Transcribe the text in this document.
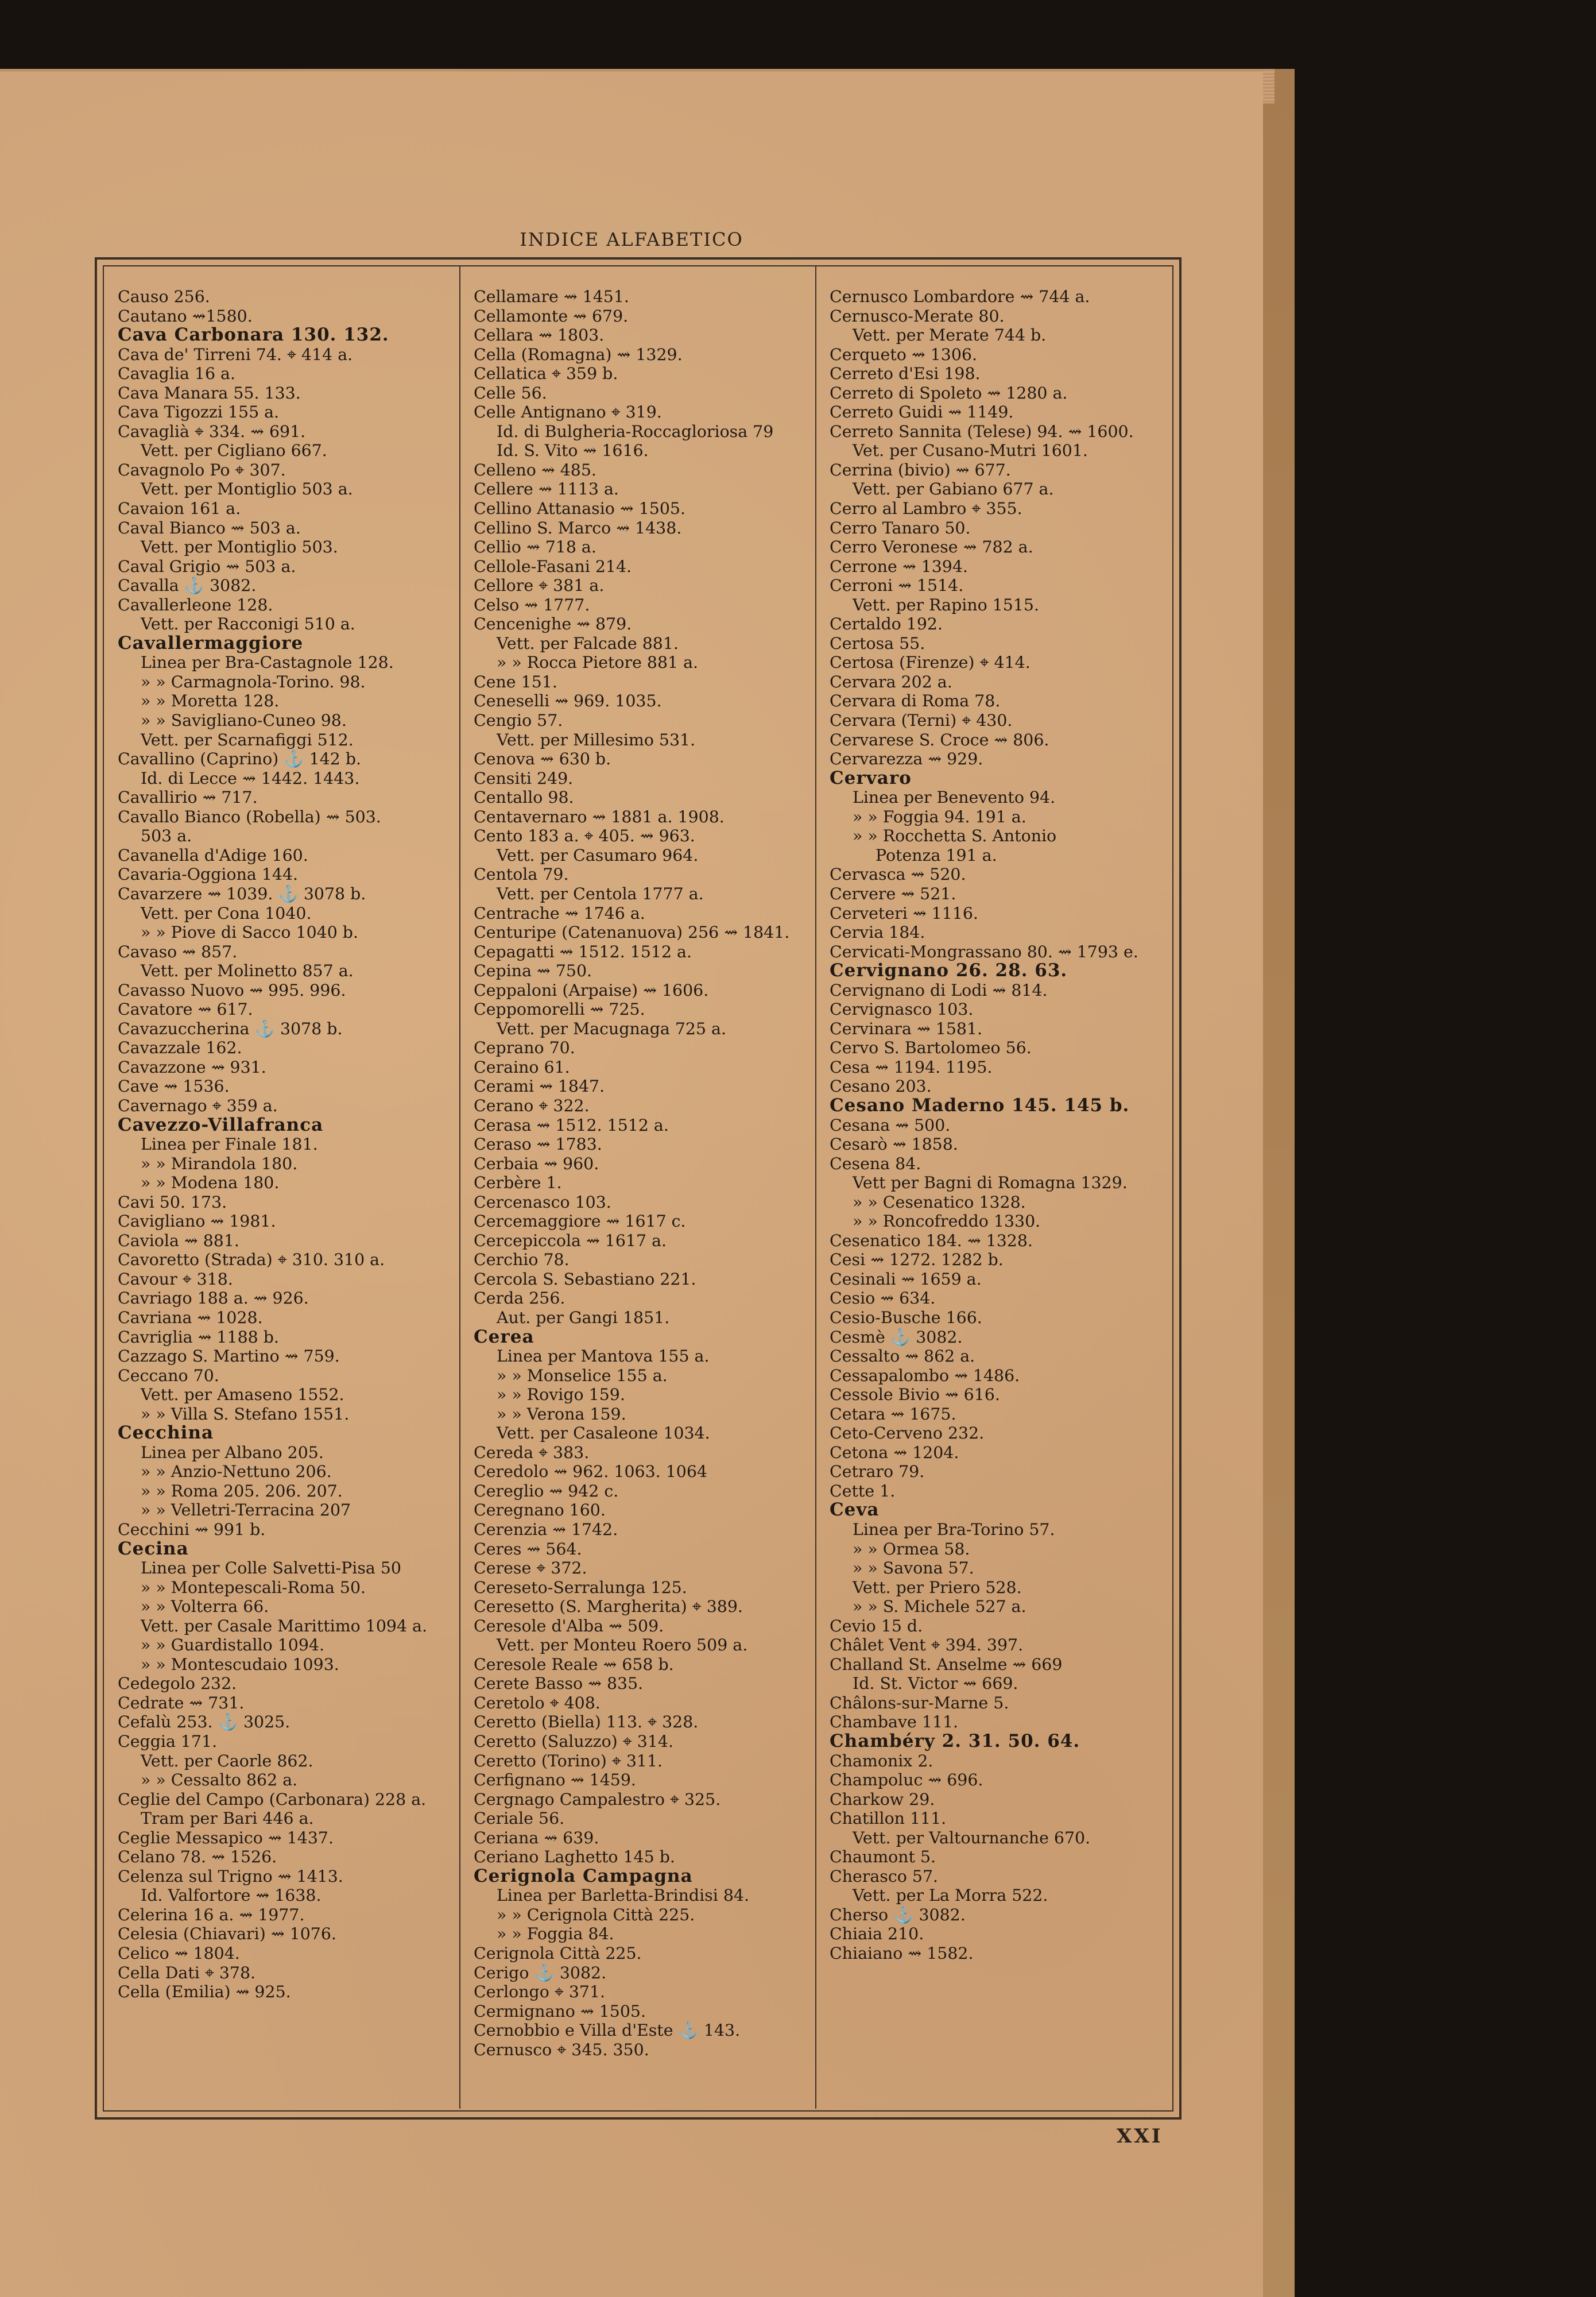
INDICE ALFABETICO
Causo 256.
Cautano ⇝1580.
Cava Carbonara 130. 132.
Cava de' Tirreni 74. ⌖ 414 a.
Cavaglia 16 a.
Cava Manara 55. 133.
Cava Tigozzi 155 a.
Cavaglià ⌖ 334. ⇝ 691.
Vett. per Cigliano 667.
Cavagnolo Po ⌖ 307.
Vett. per Montiglio 503 a.
Cavaion 161 a.
Caval Bianco ⇝ 503 a.
Vett. per Montiglio 503.
Caval Grigio ⇝ 503 a.
Cavalla ⚓ 3082.
Cavallerleone 128.
Vett. per Racconigi 510 a.
Cavallermaggiore
Linea per Bra-Castagnole 128.
» » Carmagnola-Torino. 98.
» » Moretta 128.
» » Savigliano-Cuneo 98.
Vett. per Scarnafiggi 512.
Cavallino (Caprino) ⚓ 142 b.
Id. di Lecce ⇝ 1442. 1443.
Cavallirio ⇝ 717.
Cavallo Bianco (Robella) ⇝ 503.
503 a.
Cavanella d'Adige 160.
Cavaria-Oggiona 144.
Cavarzere ⇝ 1039. ⚓ 3078 b.
Vett. per Cona 1040.
» » Piove di Sacco 1040 b.
Cavaso ⇝ 857.
Vett. per Molinetto 857 a.
Cavasso Nuovo ⇝ 995. 996.
Cavatore ⇝ 617.
Cavazuccherina ⚓ 3078 b.
Cavazzale 162.
Cavazzone ⇝ 931.
Cave ⇝ 1536.
Cavernago ⌖ 359 a.
Cavezzo-Villafranca
Linea per Finale 181.
» » Mirandola 180.
» » Modena 180.
Cavi 50. 173.
Cavigliano ⇝ 1981.
Caviola ⇝ 881.
Cavoretto (Strada) ⌖ 310. 310 a.
Cavour ⌖ 318.
Cavriago 188 a. ⇝ 926.
Cavriana ⇝ 1028.
Cavriglia ⇝ 1188 b.
Cazzago S. Martino ⇝ 759.
Ceccano 70.
Vett. per Amaseno 1552.
» » Villa S. Stefano 1551.
Cecchina
Linea per Albano 205.
» » Anzio-Nettuno 206.
» » Roma 205. 206. 207.
» » Velletri-Terracina 207
Cecchini ⇝ 991 b.
Cecina
Linea per Colle Salvetti-Pisa 50
» » Montepescali-Roma 50.
» » Volterra 66.
Vett. per Casale Marittimo 1094 a.
» » Guardistallo 1094.
» » Montescudaio 1093.
Cedegolo 232.
Cedrate ⇝ 731.
Cefalù 253. ⚓ 3025.
Ceggia 171.
Vett. per Caorle 862.
» » Cessalto 862 a.
Ceglie del Campo (Carbonara) 228 a.
Tram per Bari 446 a.
Ceglie Messapico ⇝ 1437.
Celano 78. ⇝ 1526.
Celenza sul Trigno ⇝ 1413.
Id. Valfortore ⇝ 1638.
Celerina 16 a. ⇝ 1977.
Celesia (Chiavari) ⇝ 1076.
Celico ⇝ 1804.
Cella Dati ⌖ 378.
Cella (Emilia) ⇝ 925.
Cellamare ⇝ 1451.
Cellamonte ⇝ 679.
Cellara ⇝ 1803.
Cella (Romagna) ⇝ 1329.
Cellatica ⌖ 359 b.
Celle 56.
Celle Antignano ⌖ 319.
Id. di Bulgheria-Roccagloriosa 79
Id. S. Vito ⇝ 1616.
Celleno ⇝ 485.
Cellere ⇝ 1113 a.
Cellino Attanasio ⇝ 1505.
Cellino S. Marco ⇝ 1438.
Cellio ⇝ 718 a.
Cellole-Fasani 214.
Cellore ⌖ 381 a.
Celso ⇝ 1777.
Cencenighe ⇝ 879.
Vett. per Falcade 881.
» » Rocca Pietore 881 a.
Cene 151.
Ceneselli ⇝ 969. 1035.
Cengio 57.
Vett. per Millesimo 531.
Cenova ⇝ 630 b.
Censiti 249.
Centallo 98.
Centavernaro ⇝ 1881 a. 1908.
Cento 183 a. ⌖ 405. ⇝ 963.
Vett. per Casumaro 964.
Centola 79.
Vett. per Centola 1777 a.
Centrache ⇝ 1746 a.
Centuripe (Catenanuova) 256 ⇝ 1841.
Cepagatti ⇝ 1512. 1512 a.
Cepina ⇝ 750.
Ceppaloni (Arpaise) ⇝ 1606.
Ceppomorelli ⇝ 725.
Vett. per Macugnaga 725 a.
Ceprano 70.
Ceraino 61.
Cerami ⇝ 1847.
Cerano ⌖ 322.
Cerasa ⇝ 1512. 1512 a.
Ceraso ⇝ 1783.
Cerbaia ⇝ 960.
Cerbère 1.
Cercenasco 103.
Cercemaggiore ⇝ 1617 c.
Cercepiccola ⇝ 1617 a.
Cerchio 78.
Cercola S. Sebastiano 221.
Cerda 256.
Aut. per Gangi 1851.
Cerea
Linea per Mantova 155 a.
» » Monselice 155 a.
» » Rovigo 159.
» » Verona 159.
Vett. per Casaleone 1034.
Cereda ⌖ 383.
Ceredolo ⇝ 962. 1063. 1064
Cereglio ⇝ 942 c.
Ceregnano 160.
Cerenzia ⇝ 1742.
Ceres ⇝ 564.
Cerese ⌖ 372.
Cereseto-Serralunga 125.
Ceresetto (S. Margherita) ⌖ 389.
Ceresole d'Alba ⇝ 509.
Vett. per Monteu Roero 509 a.
Ceresole Reale ⇝ 658 b.
Cerete Basso ⇝ 835.
Ceretolo ⌖ 408.
Ceretto (Biella) 113. ⌖ 328.
Ceretto (Saluzzo) ⌖ 314.
Ceretto (Torino) ⌖ 311.
Cerfignano ⇝ 1459.
Cergnago Campalestro ⌖ 325.
Ceriale 56.
Ceriana ⇝ 639.
Ceriano Laghetto 145 b.
Cerignola Campagna
Linea per Barletta-Brindisi 84.
» » Cerignola Città 225.
» » Foggia 84.
Cerignola Città 225.
Cerigo ⚓ 3082.
Cerlongo ⌖ 371.
Cermignano ⇝ 1505.
Cernobbio e Villa d'Este ⚓ 143.
Cernusco ⌖ 345. 350.
Cernusco Lombardore ⇝ 744 a.
Cernusco-Merate 80.
Vett. per Merate 744 b.
Cerqueto ⇝ 1306.
Cerreto d'Esi 198.
Cerreto di Spoleto ⇝ 1280 a.
Cerreto Guidi ⇝ 1149.
Cerreto Sannita (Telese) 94. ⇝ 1600.
Vet. per Cusano-Mutri 1601.
Cerrina (bivio) ⇝ 677.
Vett. per Gabiano 677 a.
Cerro al Lambro ⌖ 355.
Cerro Tanaro 50.
Cerro Veronese ⇝ 782 a.
Cerrone ⇝ 1394.
Cerroni ⇝ 1514.
Vett. per Rapino 1515.
Certaldo 192.
Certosa 55.
Certosa (Firenze) ⌖ 414.
Cervara 202 a.
Cervara di Roma 78.
Cervara (Terni) ⌖ 430.
Cervarese S. Croce ⇝ 806.
Cervarezza ⇝ 929.
Cervaro
Linea per Benevento 94.
» » Foggia 94. 191 a.
» » Rocchetta S. Antonio
Potenza 191 a.
Cervasca ⇝ 520.
Cervere ⇝ 521.
Cerveteri ⇝ 1116.
Cervia 184.
Cervicati-Mongrassano 80. ⇝ 1793 e.
Cervignano 26. 28. 63.
Cervignano di Lodi ⇝ 814.
Cervignasco 103.
Cervinara ⇝ 1581.
Cervo S. Bartolomeo 56.
Cesa ⇝ 1194. 1195.
Cesano 203.
Cesano Maderno 145. 145 b.
Cesana ⇝ 500.
Cesarò ⇝ 1858.
Cesena 84.
Vett per Bagni di Romagna 1329.
» » Cesenatico 1328.
» » Roncofreddo 1330.
Cesenatico 184. ⇝ 1328.
Cesi ⇝ 1272. 1282 b.
Cesinali ⇝ 1659 a.
Cesio ⇝ 634.
Cesio-Busche 166.
Cesmè ⚓ 3082.
Cessalto ⇝ 862 a.
Cessapalombo ⇝ 1486.
Cessole Bivio ⇝ 616.
Cetara ⇝ 1675.
Ceto-Cerveno 232.
Cetona ⇝ 1204.
Cetraro 79.
Cette 1.
Ceva
Linea per Bra-Torino 57.
» » Ormea 58.
» » Savona 57.
Vett. per Priero 528.
» » S. Michele 527 a.
Cevio 15 d.
Châlet Vent ⌖ 394. 397.
Challand St. Anselme ⇝ 669
Id. St. Victor ⇝ 669.
Châlons-sur-Marne 5.
Chambave 111.
Chambéry 2. 31. 50. 64.
Chamonix 2.
Champoluc ⇝ 696.
Charkow 29.
Chatillon 111.
Vett. per Valtournanche 670.
Chaumont 5.
Cherasco 57.
Vett. per La Morra 522.
Cherso ⚓ 3082.
Chiaia 210.
Chiaiano ⇝ 1582.
XXI
